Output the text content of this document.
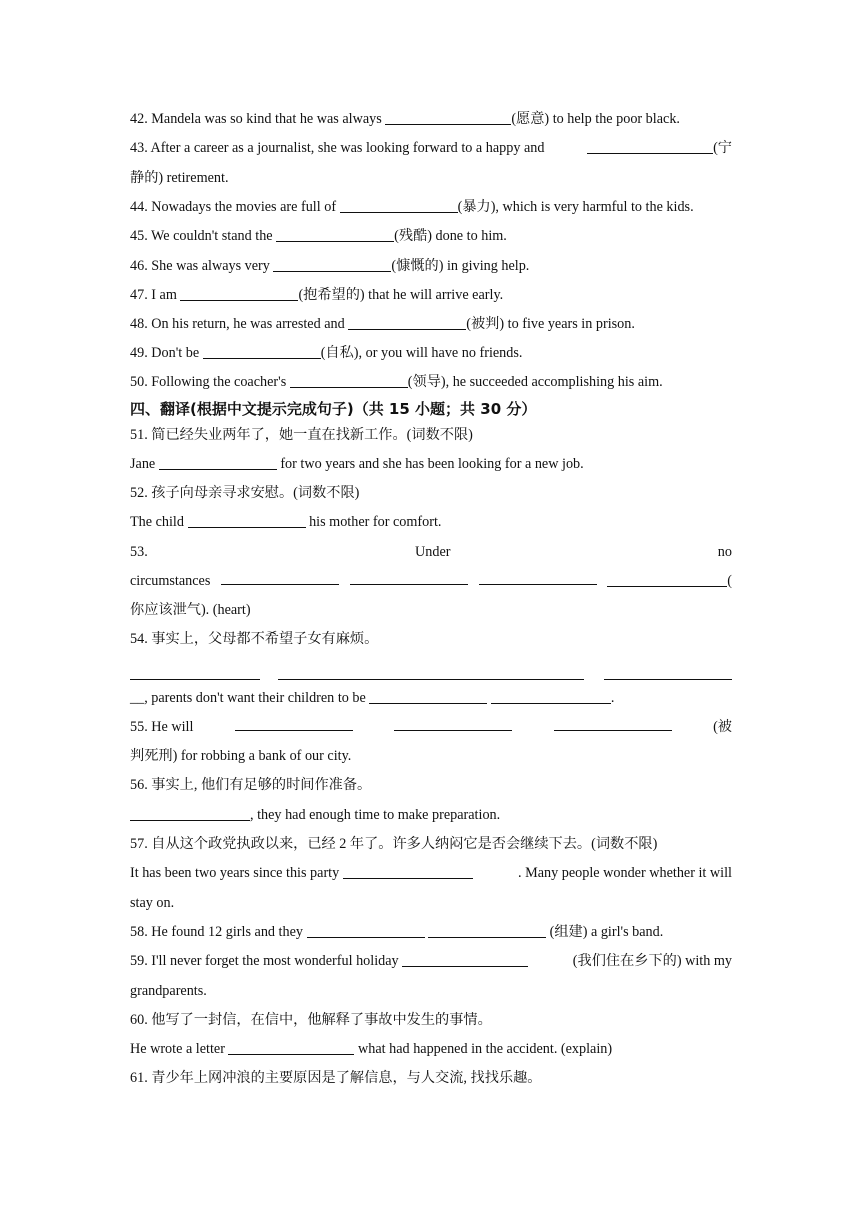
42. Mandela was so kind that he was always	(愿意) to help the poor black.
43. After a career as a journalist, she was looking forward to a happy and	(宁
静的) retirement.
44. Nowadays the movies are full of	(暴力), which is very harmful to the kids.
45. We couldn't stand the	(残酷) done to him.
46. She was always very	(慷慨的) in giving help.
47. I am	(抱希望的) that he will arrive early.
48. On his return, he was arrested and	(被判) to five years in prison.
49. Don't be	(自私), or you will have no friends.
50. Following the coacher's	(领导), he succeeded accomplishing his aim.
四、翻译(根据中文提示完成句子)（共 15 小题；共 30 分）
51. 简已经失业两年了，她一直在找新工作。(词数不限)
Jane	for two years and she has been looking for a new job.
52. 孩子向母亲寻求安慰。(词数不限)
The child	his mother for comfort.
53.	Under	no
circumstances	(
你应该泄气). (heart)
54. 事实上，父母都不希望子女有麻烦。
__, parents don't want their children to be	.
55. He will	(被
判死刑) for robbing a bank of our city.
56. 事实上, 他们有足够的时间作准备。
, they had enough time to make preparation.
57. 自从这个政党执政以来，已经 2 年了。许多人纳闷它是否会继续下去。(词数不限)
It has been two years since this party	. Many people wonder whether it will
stay on.
58. He found 12 girls and they	(组建) a girl's band.
59. I'll never forget the most wonderful holiday	(我们住在乡下的) with my
grandparents.
60. 他写了一封信，在信中，他解释了事故中发生的事情。
He wrote a letter	what had happened in the accident. (explain)
61. 青少年上网冲浪的主要原因是了解信息，与人交流, 找找乐趣。
